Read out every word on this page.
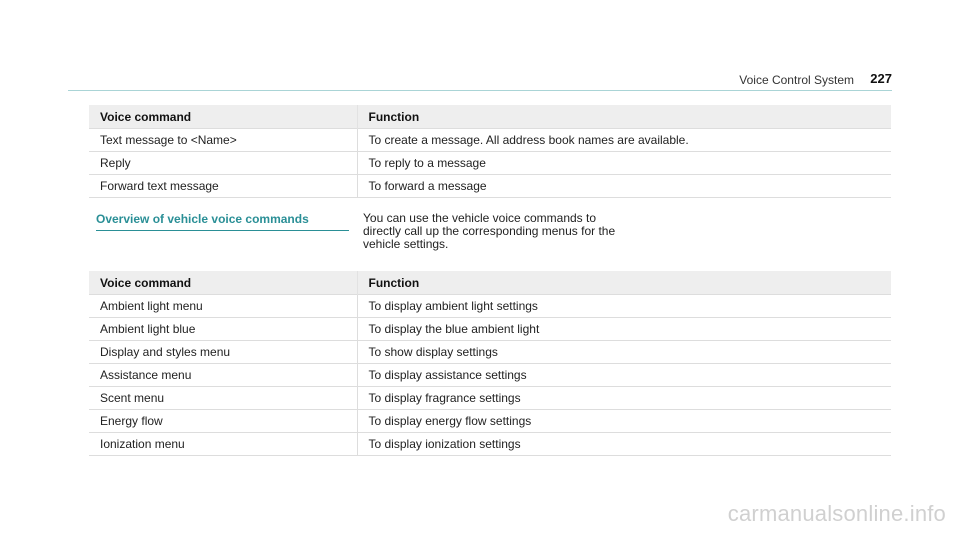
Voice Control System 227
Voice command	Function
Text message to <Name>	To create a message. All address book names are available.
Reply	To reply to a message
Forward text message	To forward a message
Overview of vehicle voice commands	You can use the vehicle voice commands to
directly call up the corresponding menus for the
vehicle settings.
Voice command	Function
Ambient light menu	To display ambient light settings
Ambient light blue	To display the blue ambient light
Display and styles menu	To show display settings
Assistance menu	To display assistance settings
Scent menu	To display fragrance settings
Energy flow	To display energy flow settings
Ionization menu	To display ionization settings
carmanualsonline.info
